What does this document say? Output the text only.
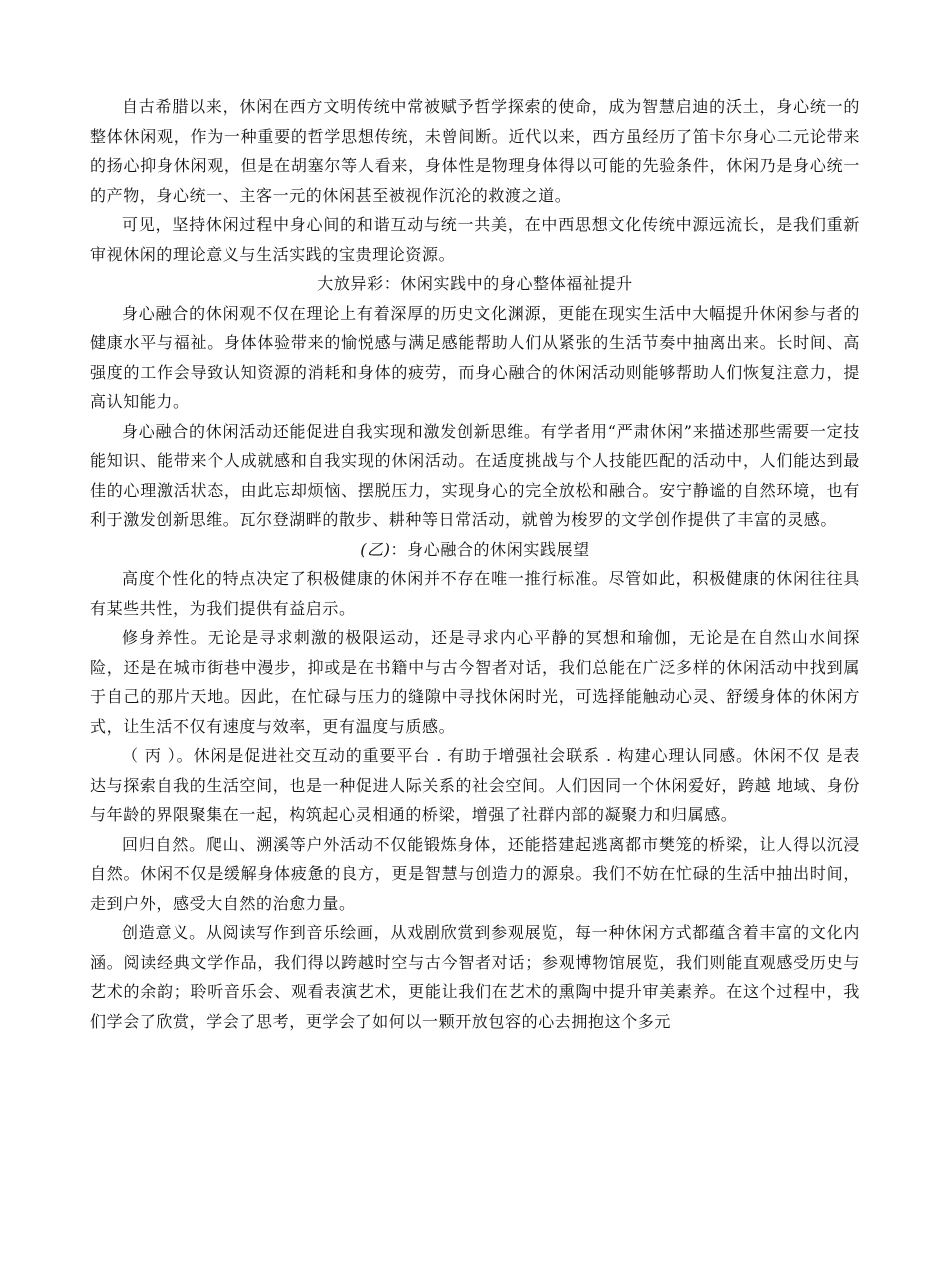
自古希腊以来，休闲在西方文明传统中常被赋予哲学探索的使命，成为智慧启迪的沃土，身心统一的整体休闲观，作为一种重要的哲学思想传统，未曾间断。近代以来，西方虽经历了笛卡尔身心二元论带来的扬心抑身休闲观，但是在胡塞尔等人看来，身体性是物理身体得以可能的先验条件，休闲乃是身心统一的产物，身心统一、主客一元的休闲甚至被视作沉沦的救渡之道。

可见，坚持休闲过程中身心间的和谐互动与统一共美，在中西思想文化传统中源远流长，是我们重新审视休闲的理论意义与生活实践的宝贵理论资源。

大放异彩：休闲实践中的身心整体福祉提升

身心融合的休闲观不仅在理论上有着深厚的历史文化渊源，更能在现实生活中大幅提升休闲参与者的健康水平与福祉。身体体验带来的愉悦感与满足感能帮助人们从紧张的生活节奏中抽离出来。长时间、高强度的工作会导致认知资源的消耗和身体的疲劳，而身心融合的休闲活动则能够帮助人们恢复注意力，提高认知能力。

身心融合的休闲活动还能促进自我实现和激发创新思维。有学者用“严肃休闲”来描述那些需要一定技能知识、能带来个人成就感和自我实现的休闲活动。在适度挑战与个人技能匹配的活动中，人们能达到最佳的心理激活状态，由此忘却烦恼、摆脱压力，实现身心的完全放松和融合。安宁静谧的自然环境，也有利于激发创新思维。瓦尔登湖畔的散步、耕种等日常活动，就曾为梭罗的文学创作提供了丰富的灵感。

(乙)：身心融合的休闲实践展望

高度个性化的特点决定了积极健康的休闲并不存在唯一推行标准。尽管如此，积极健康的休闲往往具有某些共性，为我们提供有益启示。

修身养性。无论是寻求刺激的极限运动，还是寻求内心平静的冥想和瑜伽，无论是在自然山水间探险，还是在城市街巷中漫步，抑或是在书籍中与古今智者对话，我们总能在广泛多样的休闲活动中找到属于自己的那片天地。因此，在忙碌与压力的缝隙中寻找休闲时光，可选择能触动心灵、舒缓身体的休闲方式，让生活不仅有速度与效率，更有温度与质感。

（ 丙 ）。休闲是促进社交互动的重要平台 . 有助于增强社会联系 . 构建心理认同感。休闲不仅 是表达与探索自我的生活空间，也是一种促进人际关系的社会空间。人们因同一个休闲爱好，跨越 地域、身份与年龄的界限聚集在一起，构筑起心灵相通的桥梁，增强了社群内部的凝聚力和归属感。

回归自然。爬山、溯溪等户外活动不仅能锻炼身体，还能搭建起逃离都市樊笼的桥梁，让人得以沉浸自然。休闲不仅是缓解身体疲惫的良方，更是智慧与创造力的源泉。我们不妨在忙碌的生活中抽出时间，走到户外，感受大自然的治愈力量。

创造意义。从阅读写作到音乐绘画，从戏剧欣赏到参观展览，每一种休闲方式都蕴含着丰富的文化内涵。阅读经典文学作品，我们得以跨越时空与古今智者对话；参观博物馆展览，我们则能直观感受历史与艺术的余韵；聆听音乐会、观看表演艺术，更能让我们在艺术的熏陶中提升审美素养。在这个过程中，我们学会了欣赏，学会了思考，更学会了如何以一颗开放包容的心去拥抱这个多元
